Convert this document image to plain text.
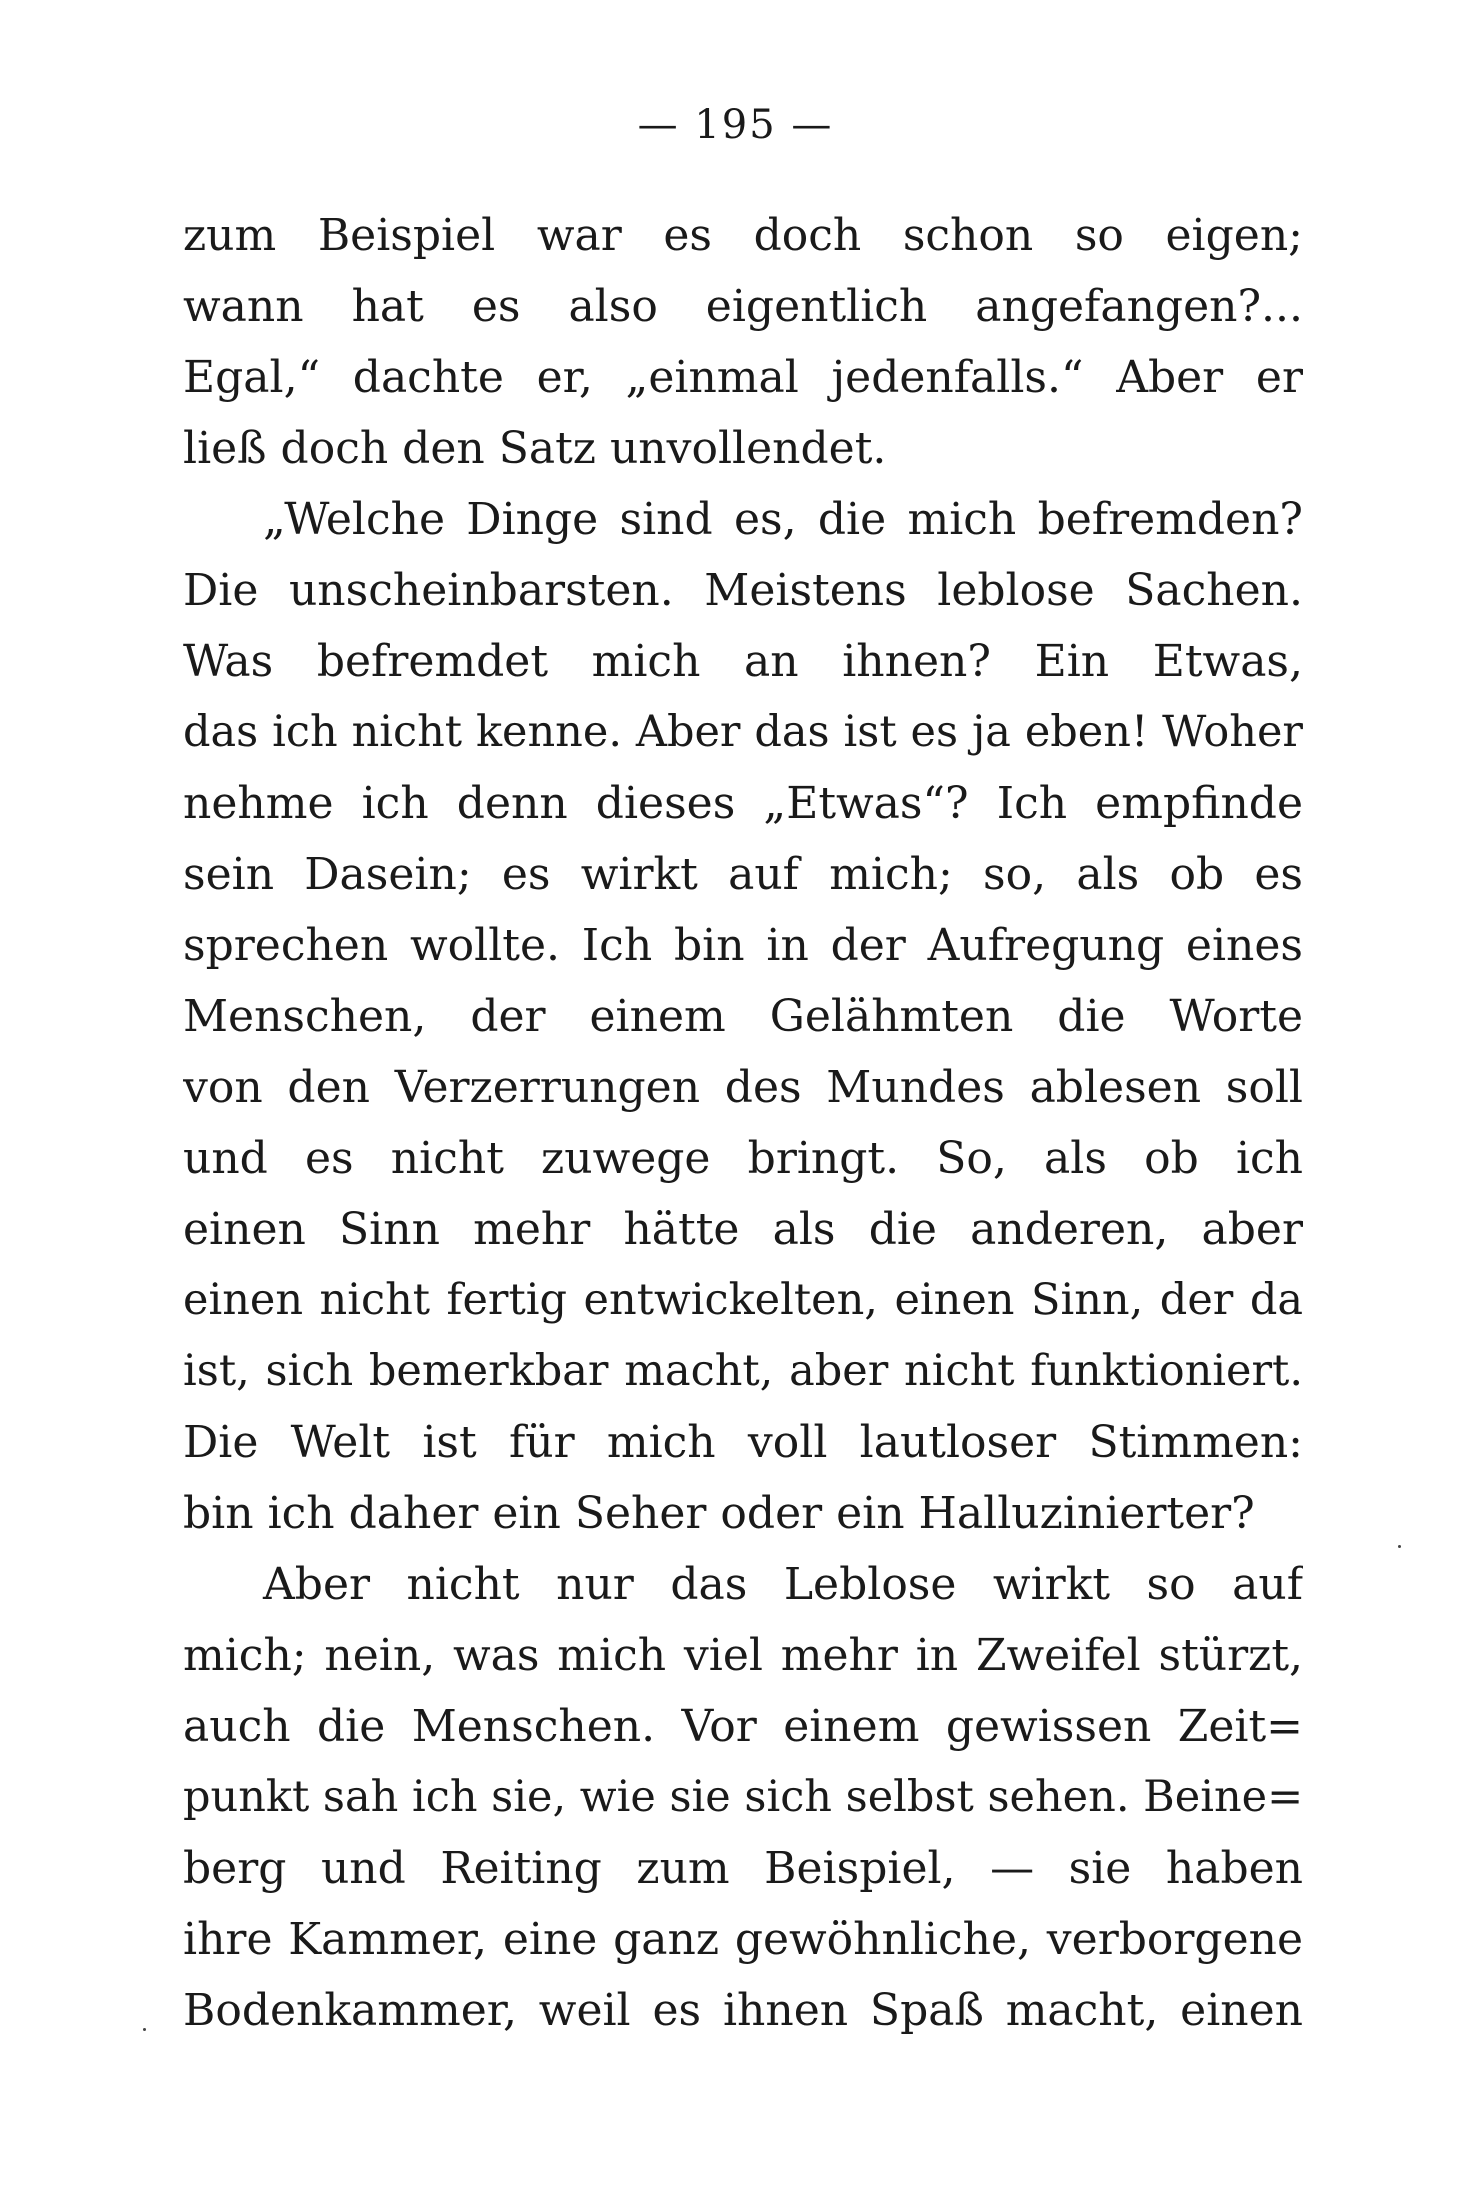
— 195 —
zum Beispiel war es doch schon so eigen;
wann hat es also eigentlich angefangen?...
Egal,“ dachte er, „einmal jedenfalls.“ Aber er
ließ doch den Satz unvollendet.
„Welche Dinge sind es, die mich befremden?
Die unscheinbarsten. Meistens leblose Sachen.
Was befremdet mich an ihnen? Ein Etwas,
das ich nicht kenne. Aber das ist es ja eben! Woher
nehme ich denn dieses „Etwas“? Ich empfinde
sein Dasein; es wirkt auf mich; so, als ob es
sprechen wollte. Ich bin in der Aufregung eines
Menschen, der einem Gelähmten die Worte
von den Verzerrungen des Mundes ablesen soll
und es nicht zuwege bringt. So, als ob ich
einen Sinn mehr hätte als die anderen, aber
einen nicht fertig entwickelten, einen Sinn, der da
ist, sich bemerkbar macht, aber nicht funktioniert.
Die Welt ist für mich voll lautloser Stimmen:
bin ich daher ein Seher oder ein Halluzinierter?
Aber nicht nur das Leblose wirkt so auf
mich; nein, was mich viel mehr in Zweifel stürzt,
auch die Menschen. Vor einem gewissen Zeit=
punkt sah ich sie, wie sie sich selbst sehen. Beine=
berg und Reiting zum Beispiel, — sie haben
ihre Kammer, eine ganz gewöhnliche, verborgene
Bodenkammer, weil es ihnen Spaß macht, einen
